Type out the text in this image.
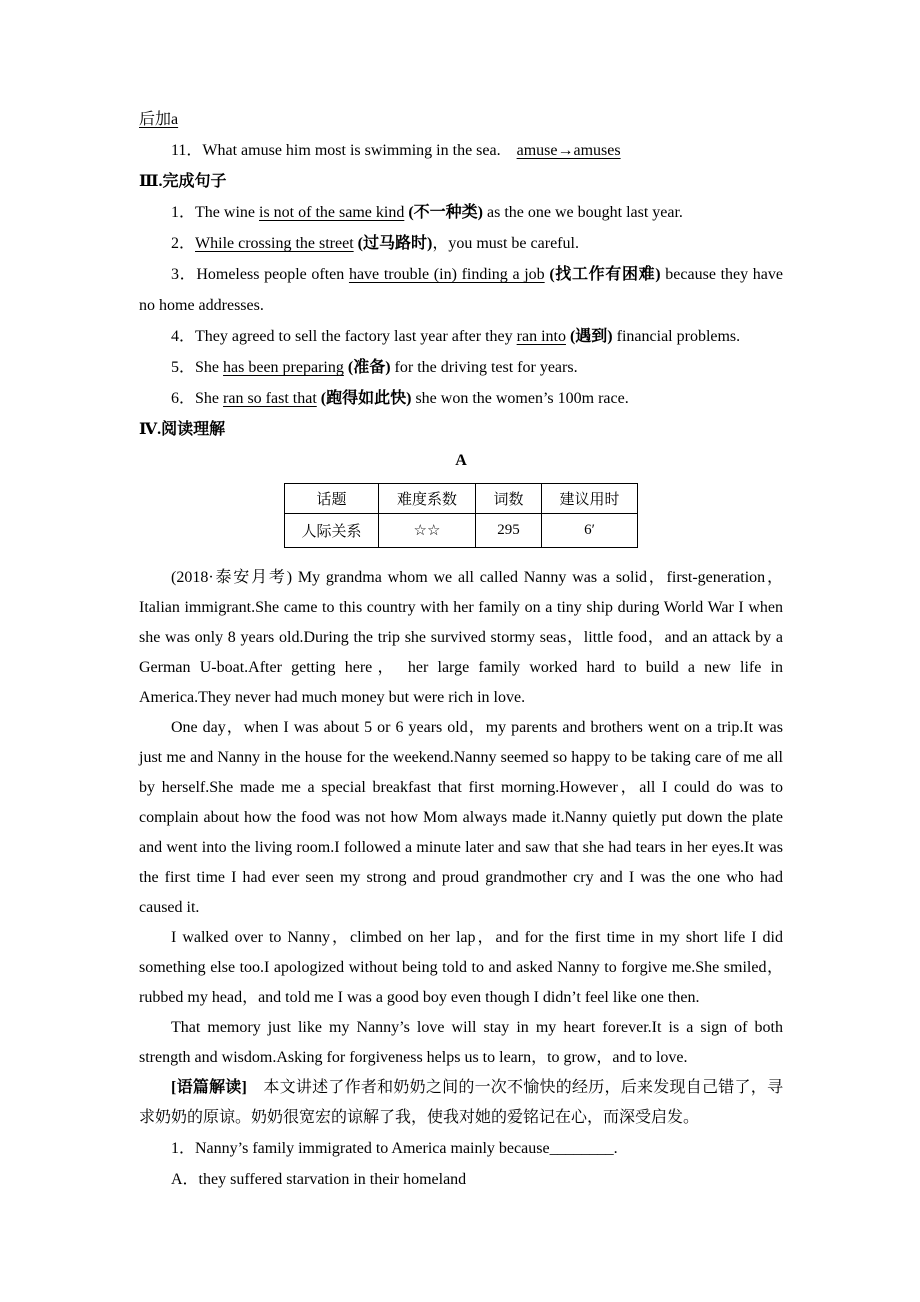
后加a

11．What amuse him most is swimming in the sea.　amuse→amuses

Ⅲ.完成句子

1．The wine is not of the same kind (不一种类) as the one we bought last year.

2．While crossing the street (过马路时)，you must be careful.

3．Homeless people often have trouble (in) finding a job (找工作有困难) because they have no home addresses.

4．They agreed to sell the factory last year after they ran into (遇到) financial problems.

5．She has been preparing (准备) for the driving test for years.

6．She ran so fast that (跑得如此快) she won the women’s 100m race.

Ⅳ.阅读理解

A

话题	难度系数	词数	建议用时
人际关系	☆☆	295	6′

(2018·泰安月考) My grandma whom we all called Nanny was a solid，first-generation，Italian immigrant.She came to this country with her family on a tiny ship during World War I when she was only 8 years old.During the trip she survived stormy seas，little food，and an attack by a German U-boat.After getting here， her large family worked hard to build a new life in America.They never had much money but were rich in love.

One day，when I was about 5 or 6 years old，my parents and brothers went on a trip.It was just me and Nanny in the house for the weekend.Nanny seemed so happy to be taking care of me all by herself.She made me a special breakfast that first morning.However，all I could do was to complain about how the food was not how Mom always made it.Nanny quietly put down the plate and went into the living room.I followed a minute later and saw that she had tears in her eyes.It was the first time I had ever seen my strong and proud grandmother cry and I was the one who had caused it.

I walked over to Nanny，climbed on her lap，and for the first time in my short life I did something else too.I apologized without being told to and asked Nanny to forgive me.She smiled，rubbed my head，and told me I was a good boy even though I didn’t feel like one then.

That memory just like my Nanny’s love will stay in my heart forever.It is a sign of both strength and wisdom.Asking for forgiveness helps us to learn，to grow，and to love.

[语篇解读]　本文讲述了作者和奶奶之间的一次不愉快的经历，后来发现自己错了，寻求奶奶的原谅。奶奶很宽宏的谅解了我，使我对她的爱铭记在心，而深受启发。

1．Nanny’s family immigrated to America mainly because________.

A．they suffered starvation in their homeland
